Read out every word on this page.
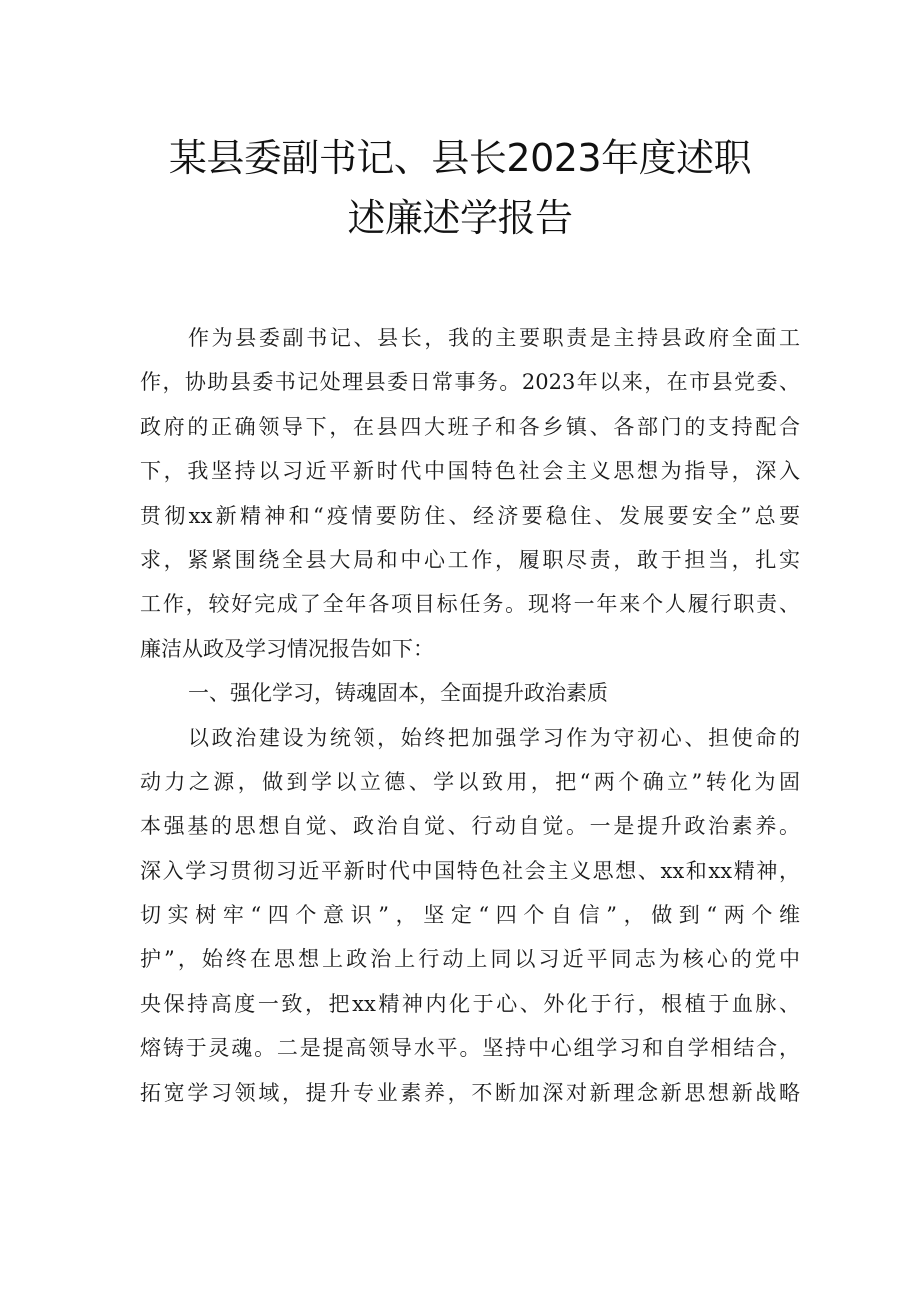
某县委副书记、县长2023年度述职
述廉述学报告
作为县委副书记、县长，我的主要职责是主持县政府全面工
作，协助县委书记处理县委日常事务。2023年以来，在市县党委、
政府的正确领导下，在县四大班子和各乡镇、各部门的支持配合
下，我坚持以习近平新时代中国特色社会主义思想为指导，深入
贯彻xx新精神和“疫情要防住、经济要稳住、发展要安全”总要
求，紧紧围绕全县大局和中心工作，履职尽责，敢于担当，扎实
工作，较好完成了全年各项目标任务。现将一年来个人履行职责、
廉洁从政及学习情况报告如下：
一、强化学习，铸魂固本，全面提升政治素质
以政治建设为统领，始终把加强学习作为守初心、担使命的
动力之源，做到学以立德、学以致用，把“两个确立”转化为固
本强基的思想自觉、政治自觉、行动自觉。一是提升政治素养。
深入学习贯彻习近平新时代中国特色社会主义思想、xx和xx精神，
切实树牢“四个意识”，坚定“四个自信”，做到“两个维
护”，始终在思想上政治上行动上同以习近平同志为核心的党中
央保持高度一致，把xx精神内化于心、外化于行，根植于血脉、
熔铸于灵魂。二是提高领导水平。坚持中心组学习和自学相结合，
拓宽学习领域，提升专业素养，不断加深对新理念新思想新战略
